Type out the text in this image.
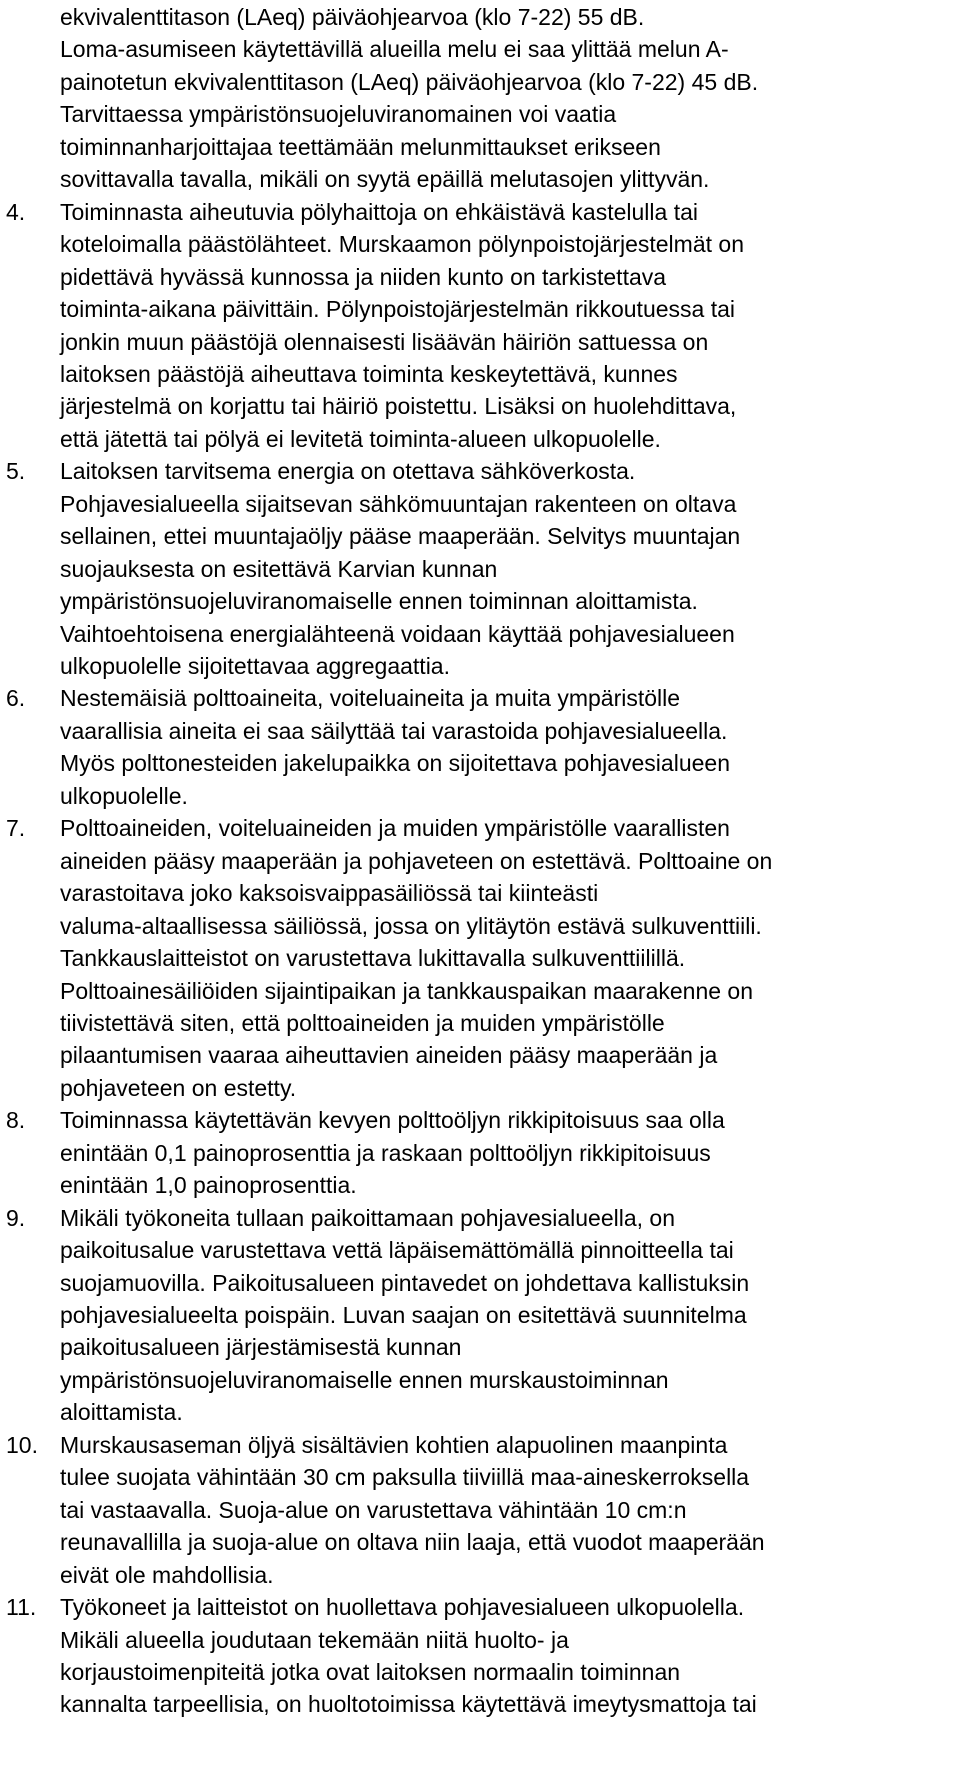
ekvivalenttitason (LAeq) päiväohjearvoa (klo 7-22) 55 dB.
Loma-asumiseen käytettävillä alueilla melu ei saa ylittää melun A-
painotetun ekvivalenttitason (LAeq) päiväohjearvoa (klo 7-22) 45 dB.
Tarvittaessa ympäristönsuojeluviranomainen voi vaatia
toiminnanharjoittajaa teettämään melunmittaukset erikseen
sovittavalla tavalla, mikäli on syytä epäillä melutasojen ylittyvän.
4. Toiminnasta aiheutuvia pölyhaittoja on ehkäistävä kastelulla tai
koteloimalla päästölähteet. Murskaamon pölynpoistojärjestelmät on
pidettävä hyvässä kunnossa ja niiden kunto on tarkistettava
toiminta-aikana päivittäin. Pölynpoistojärjestelmän rikkoutuessa tai
jonkin muun päästöjä olennaisesti lisäävän häiriön sattuessa on
laitoksen päästöjä aiheuttava toiminta keskeytettävä, kunnes
järjestelmä on korjattu tai häiriö poistettu. Lisäksi on huolehdittava,
että jätettä tai pölyä ei levitetä toiminta-alueen ulkopuolelle.
5. Laitoksen tarvitsema energia on otettava sähköverkosta.
Pohjavesialueella sijaitsevan sähkömuuntajan rakenteen on oltava
sellainen, ettei muuntajaöljy pääse maaperään. Selvitys muuntajan
suojauksesta on esitettävä Karvian kunnan
ympäristönsuojeluviranomaiselle ennen toiminnan aloittamista.
Vaihtoehtoisena energialähteenä voidaan käyttää pohjavesialueen
ulkopuolelle sijoitettavaa aggregaattia.
6. Nestemäisiä polttoaineita, voiteluaineita ja muita ympäristölle
vaarallisia aineita ei saa säilyttää tai varastoida pohjavesialueella.
Myös polttonesteiden jakelupaikka on sijoitettava pohjavesialueen
ulkopuolelle.
7. Polttoaineiden, voiteluaineiden ja muiden ympäristölle vaarallisten
aineiden pääsy maaperään ja pohjaveteen on estettävä. Polttoaine on
varastoitava joko kaksoisvaippasäiliössä tai kiinteästi
valuma-altaallisessa säiliössä, jossa on ylitäytön estävä sulkuventtiili.
Tankkauslaitteistot on varustettava lukittavalla sulkuventtiilillä.
Polttoainesäiliöiden sijaintipaikan ja tankkauspaikan maarakenne on
tiivistettävä siten, että polttoaineiden ja muiden ympäristölle
pilaantumisen vaaraa aiheuttavien aineiden pääsy maaperään ja
pohjaveteen on estetty.
8. Toiminnassa käytettävän kevyen polttoöljyn rikkipitoisuus saa olla
enintään 0,1 painoprosenttia ja raskaan polttoöljyn rikkipitoisuus
enintään 1,0 painoprosenttia.
9. Mikäli työkoneita tullaan paikoittamaan pohjavesialueella, on
paikoitusalue varustettava vettä läpäisemättömällä pinnoitteella tai
suojamuovilla. Paikoitusalueen pintavedet on johdettava kallistuksin
pohjavesialueelta poispäin. Luvan saajan on esitettävä suunnitelma
paikoitusalueen järjestämisestä kunnan
ympäristönsuojeluviranomaiselle ennen murskaustoiminnan
aloittamista.
10. Murskausaseman öljyä sisältävien kohtien alapuolinen maanpinta
tulee suojata vähintään 30 cm paksulla tiiviillä maa-aineskerroksella
tai vastaavalla. Suoja-alue on varustettava vähintään 10 cm:n
reunavallilla ja suoja-alue on oltava niin laaja, että vuodot maaperään
eivät ole mahdollisia.
11. Työkoneet ja laitteistot on huollettava pohjavesialueen ulkopuolella.
Mikäli alueella joudutaan tekemään niitä huolto- ja
korjaustoimenpiteitä jotka ovat laitoksen normaalin toiminnan
kannalta tarpeellisia, on huoltotoimissa käytettävä imeytysmattoja tai
